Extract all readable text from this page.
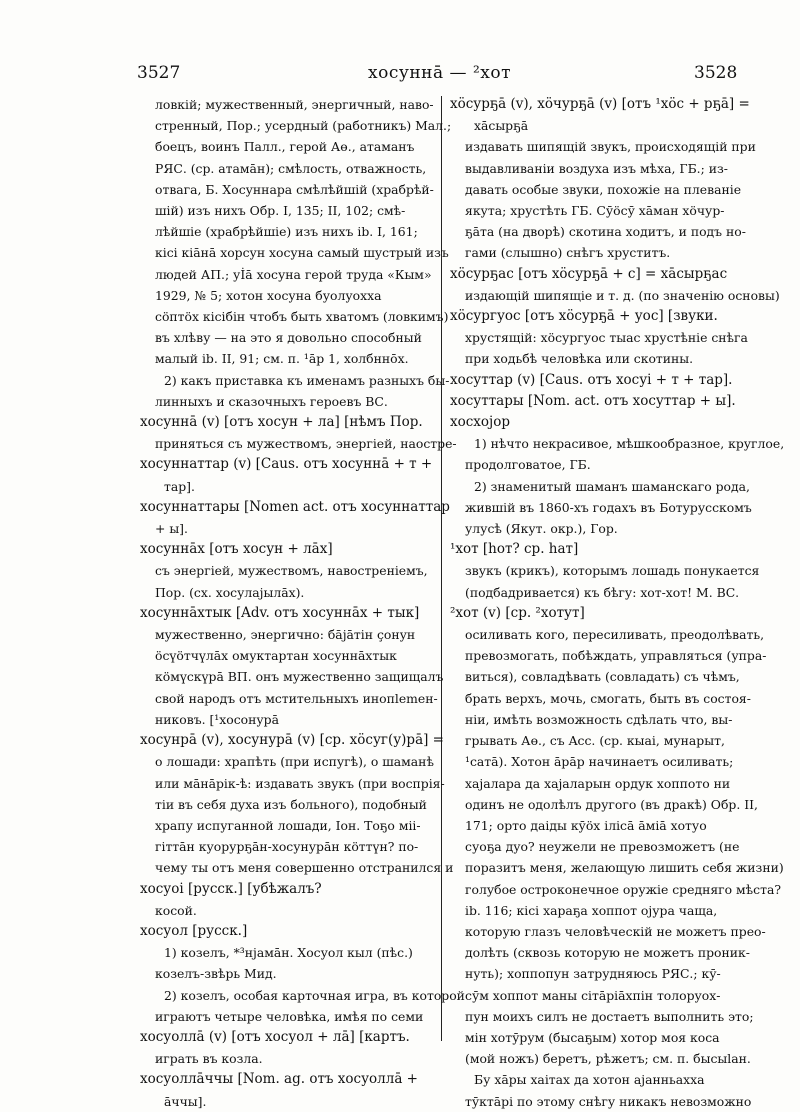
3527	хосуннā — ²хот	3528
ловкій; мужественный, энергичный, наво-
стренный, Пор.; усердный (работникъ) Мал.;
боецъ, воинъ Палл., герой Аө., атаманъ
РЯС. (ср. атамāн); смѣлость, отважность,
отвага, Б. Хосуннара смѣлѣйшій (храбрѣй-
шій) изъ нихъ Обр. I, 135; II, 102; смѣ-
лѣйшіе (храбрѣйшіе) изъ нихъ ib. I, 161;
кісі кіāнā хорсун хосуна самый шустрый изъ
людей АП.; уİā хосуна герой труда «Кым»
1929, № 5; хотон хосуна буолуохха
сöптöх кісібін чтобъ быть хватомъ (ловкимъ)
въ хлѣву — на это я довольно способный
малый ib. II, 91; см. п. ¹āр 1, холбннōх.
2) какъ приставка къ именамъ разныхъ бы-
линныхъ и сказочныхъ героевъ ВС.
хосуннā (v) [отъ хосун + ла] [нѣмъ Пор.
приняться съ мужествомъ, энергіей, наостре-
хосуннаттар (v) [Caus. отъ хосуннā + т +
тар].
хосуннаттары [Nomen act. отъ хосуннаттар
+ ы].
хосуннāх [отъ хосун + лāх]
съ энергіей, мужествомъ, навостреніемъ,
Пор. (сх. хосулаjылāх).
хосуннāхтык [Adv. отъ хосуннāх + тык]
мужественно, энергично: бājāтін ҫонун
öсүöтчүлāх омуктартан хосуннāхтык
кöмүскүрā ВП. онъ мужественно защищалъ
свой народъ отъ мстительныхъ инопlemен-
никовъ. [¹хосонурā
хосунрā (v), хосунурā (v) [ср. хöсуг(у)рā] =
о лошади: храпѣть (при испугѣ), о шаманѣ
или мāнāрік-ѣ: издавать звукъ (при воспрія-
тіи въ себя духа изъ больного), подобный
храпу испуганной лошади, Іон. Тоҕо міі-
гіттāн куорурҕāн-хосунурāн кöттүн? по-
чему ты отъ меня совершенно отстранился и
хосуоі [русск.] [убѣжалъ?
косой.
хосуол [русск.]
1) козелъ, *³нjамāн. Хосуол кыл (пѣс.)
козелъ-звѣрь Мид.
2) козелъ, особая карточная игра, въ которой
играютъ четыре человѣка, имѣя по семи
хосуоллā (v) [отъ хосуол + лā] [картъ.
играть въ козла.
хосуоллāччы [Nom. ag. отъ хосуоллā +
āччы].
хöсурҕā (v), хöчурҕā (v) [отъ ¹хöс + рҕā] =
хāсырҕā
издавать шипящій звукъ, происходящій при
выдавливаніи воздуха изъ мѣха, ГБ.; из-
давать особые звуки, похожіе на плеваніе
якута; хрустѣть ГБ. Сӯöсӯ хāман хöчур-
ҕāта (на дворѣ) скотина ходитъ, и подъ но-
гами (слышно) снѣгъ хруститъ.
хöсурҕас [отъ хöсурҕā + с] = хāсырҕас
издающій шипящіе и т. д. (по значенію основы)
хöсургуос [отъ хöсурҕā + уос] [звуки.
хрустящій: хöсургуос тыас хрустѣніе снѣга
при ходьбѣ человѣка или скотины.
хосуттар (v) [Caus. отъ хосуі + т + тар].
хосуттары [Nom. act. отъ хосуттар + ы].
хосхојор
1) нѣчто некрасивое, мѣшкообразное, круглое,
продолговатое, ГБ.
2) знаменитый шаманъ шаманскаго рода,
жившій въ 1860-хъ годахъ въ Ботурусскомъ
улусѣ (Якут. окр.), Гор.
¹хот [hот? ср. hат]
звукъ (крикъ), которымъ лошадь понукается
(подбадривается) къ бѣгу: хот-хот! М. ВС.
²хот (v) [ср. ²хотут]
осиливать кого, пересиливать, преодолѣвать,
превозмогать, побѣждать, управляться (упра-
виться), совладѣвать (совладать) съ чѣмъ,
брать верхъ, мочь, смогать, быть въ состоя-
ніи, имѣть возможность сдѣлать что, вы-
грывать Аө., съ Acc. (ср. кыаі, мунарыт,
¹сатā). Хотон āрāр начинаетъ осиливать;
хајалара да хајаларын ордук хоппото ни
одинъ не одолѣлъ другого (въ дракѣ) Обр. II,
171; орто даіды кӯöх ілісā āміā хотуо
суоҕа дуо? неужели не превозможетъ (не
поразитъ меня, желающую лишить себя жизни)
голубое остроконечное оружіе средняго мѣста?
ib. 116; кісі хараҕа хоппот ојура чаща,
которую глазъ человѣческій не можетъ прео-
долѣть (сквозь которую не можетъ проник-
нуть); хоппопун затрудняюсь РЯС.; кӯ-
сӯм хоппот маны сітāріāхпін толоруох-
пун моихъ силъ не достаетъ выполнить это;
мін хотӯрум (бысаҕым) хотор моя коса
(мой ножъ) беретъ, рѣжетъ; см. п. бысыlан.
Бу хāры хаітах да хотон ајанньаххa
тӯктāрі по этому снѣгу никакъ невозможно
